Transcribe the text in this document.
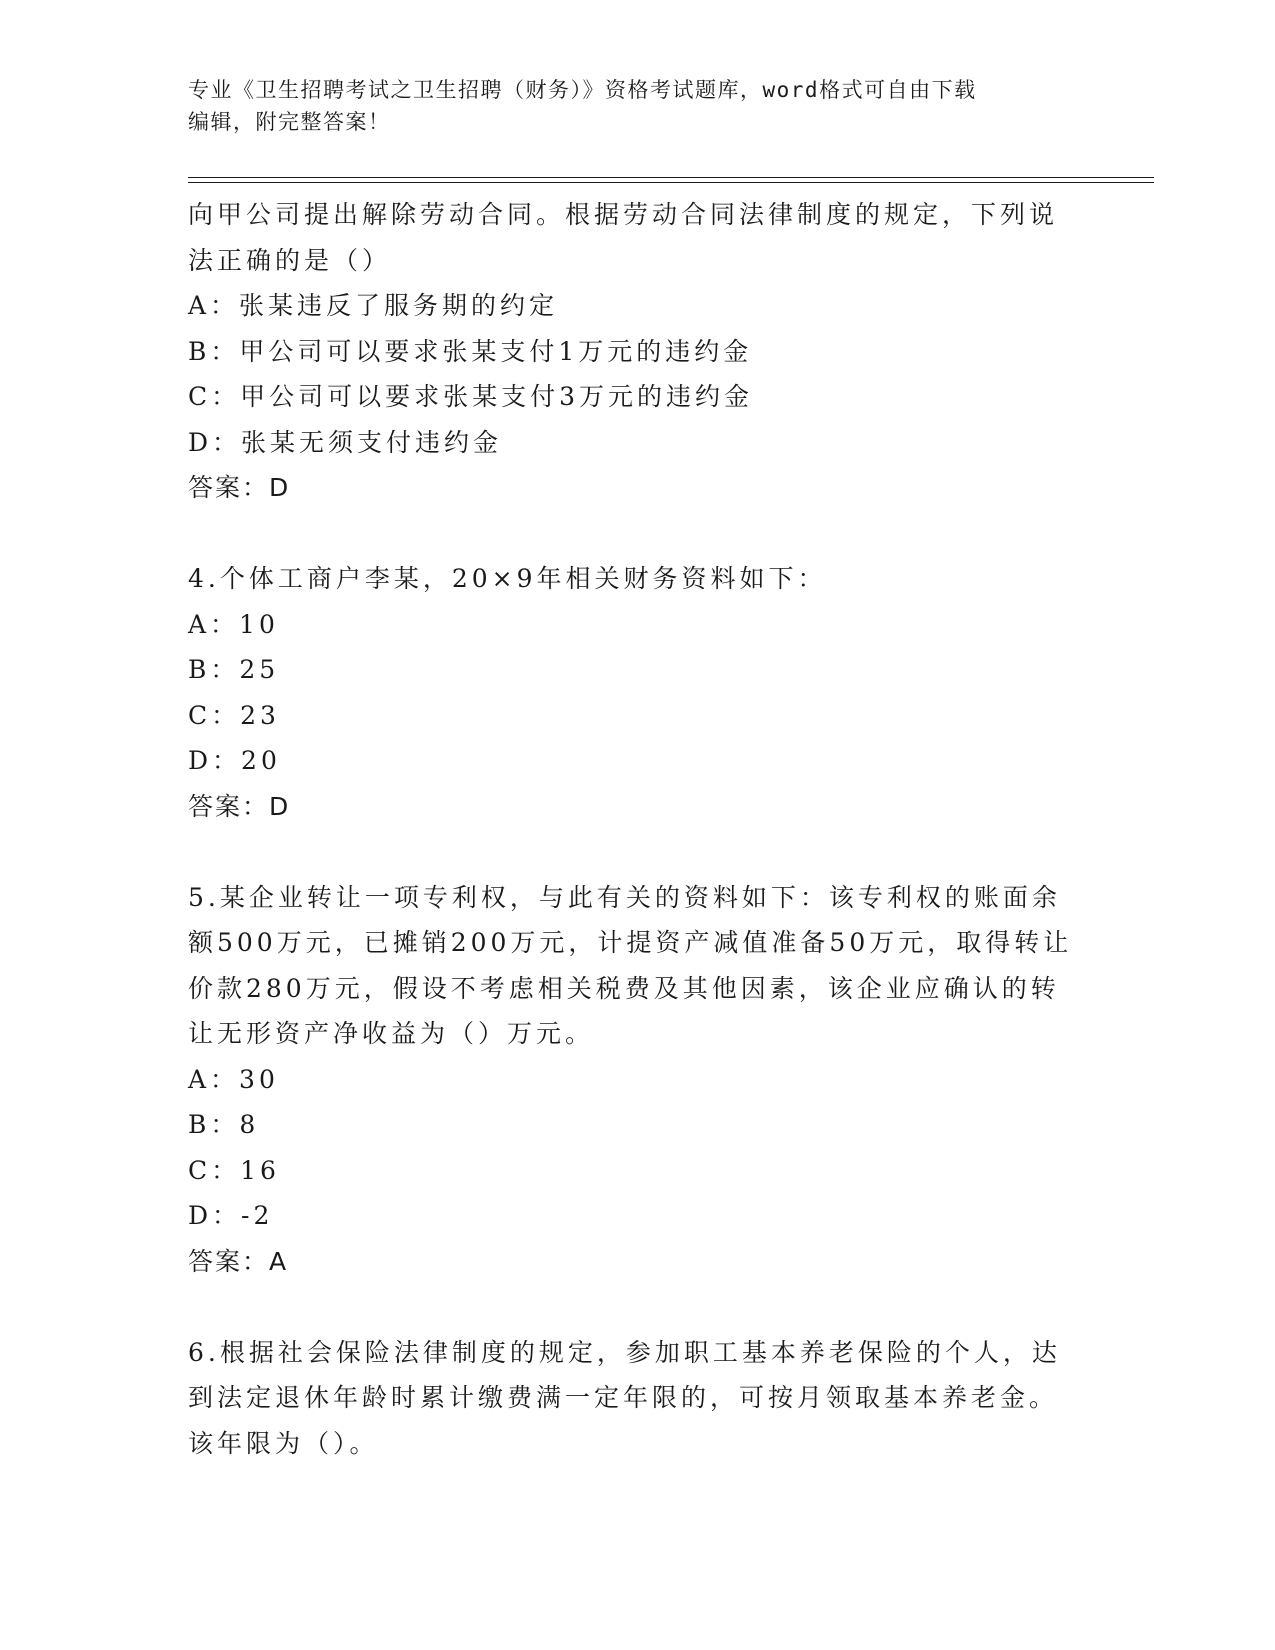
专业《卫生招聘考试之卫生招聘（财务）》资格考试题库，word格式可自由下载
编辑，附完整答案！
向甲公司提出解除劳动合同。根据劳动合同法律制度的规定，下列说
法正确的是（）
A：张某违反了服务期的约定
B：甲公司可以要求张某支付1万元的违约金
C：甲公司可以要求张某支付3万元的违约金
D：张某无须支付违约金
答案：D
4.个体工商户李某，20×9年相关财务资料如下：
A：10
B：25
C：23
D：20
答案：D
5.某企业转让一项专利权，与此有关的资料如下：该专利权的账面余
额500万元，已摊销200万元，计提资产减值准备50万元，取得转让
价款280万元，假设不考虑相关税费及其他因素，该企业应确认的转
让无形资产净收益为（）万元。
A：30
B：8
C：16
D：-2
答案：A
6.根据社会保险法律制度的规定，参加职工基本养老保险的个人，达
到法定退休年龄时累计缴费满一定年限的，可按月领取基本养老金。
该年限为（）。
